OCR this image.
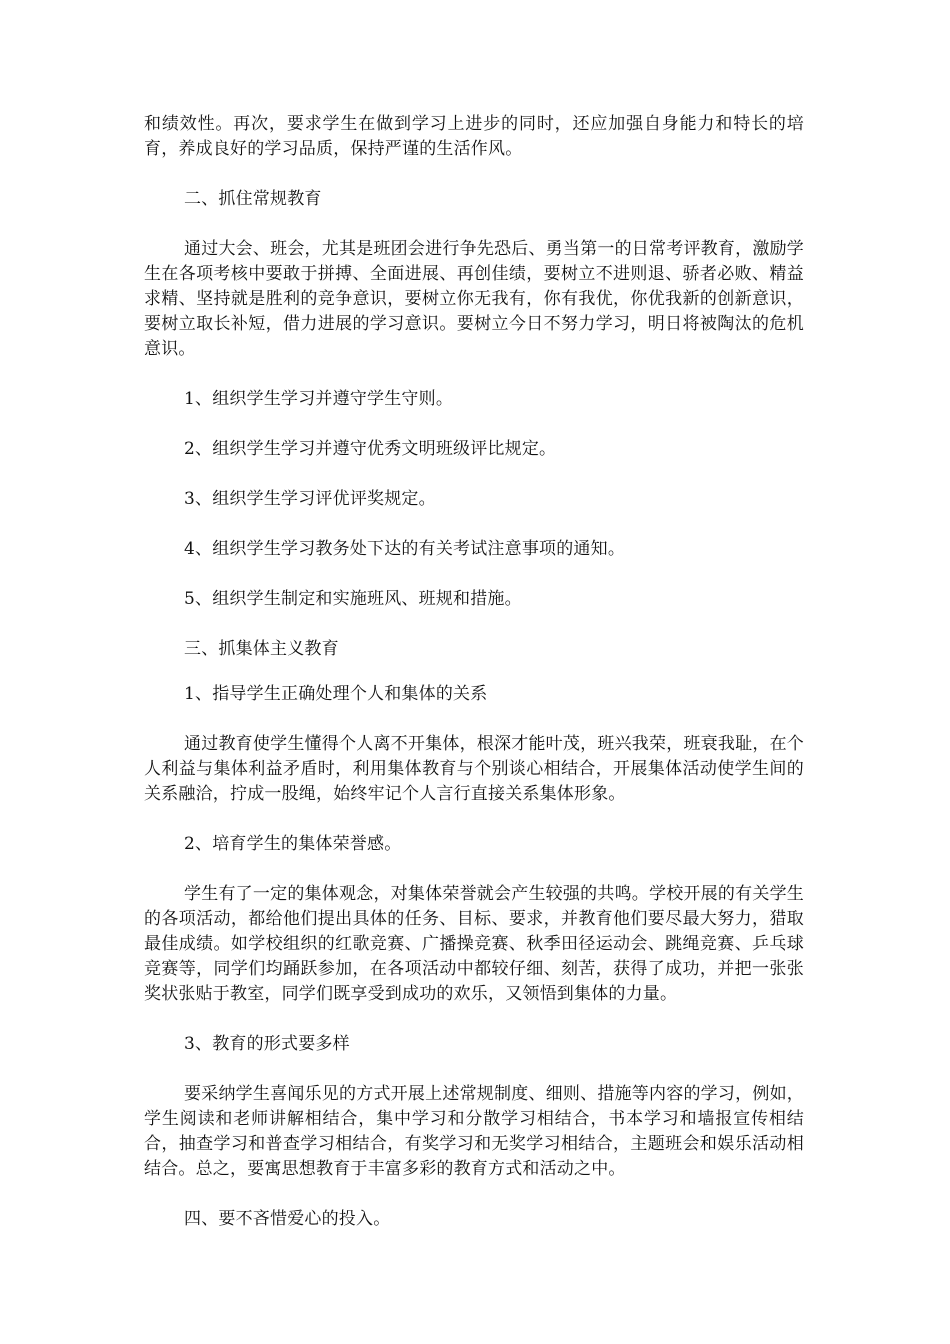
和绩效性。再次，要求学生在做到学习上进步的同时，还应加强自身能力和特长的培育，养成良好的学习品质，保持严谨的生活作风。

二、抓住常规教育

通过大会、班会，尤其是班团会进行争先恐后、勇当第一的日常考评教育，激励学生在各项考核中要敢于拼搏、全面进展、再创佳绩，要树立不进则退、骄者必败、精益求精、坚持就是胜利的竞争意识，要树立你无我有，你有我优，你优我新的创新意识，要树立取长补短，借力进展的学习意识。要树立今日不努力学习，明日将被陶汰的危机意识。

1、组织学生学习并遵守学生守则。

2、组织学生学习并遵守优秀文明班级评比规定。

3、组织学生学习评优评奖规定。

4、组织学生学习教务处下达的有关考试注意事项的通知。

5、组织学生制定和实施班风、班规和措施。

三、抓集体主义教育

1、指导学生正确处理个人和集体的关系

通过教育使学生懂得个人离不开集体，根深才能叶茂，班兴我荣，班衰我耻，在个人利益与集体利益矛盾时，利用集体教育与个别谈心相结合，开展集体活动使学生间的关系融洽，拧成一股绳，始终牢记个人言行直接关系集体形象。

2、培育学生的集体荣誉感。

学生有了一定的集体观念，对集体荣誉就会产生较强的共鸣。学校开展的有关学生的各项活动，都给他们提出具体的任务、目标、要求，并教育他们要尽最大努力，猎取最佳成绩。如学校组织的红歌竞赛、广播操竞赛、秋季田径运动会、跳绳竞赛、乒乓球竞赛等，同学们均踊跃参加，在各项活动中都较仔细、刻苦，获得了成功，并把一张张奖状张贴于教室，同学们既享受到成功的欢乐，又领悟到集体的力量。

3、教育的形式要多样

要采纳学生喜闻乐见的方式开展上述常规制度、细则、措施等内容的学习，例如，学生阅读和老师讲解相结合，集中学习和分散学习相结合，书本学习和墙报宣传相结合，抽查学习和普查学习相结合，有奖学习和无奖学习相结合，主题班会和娱乐活动相结合。总之，要寓思想教育于丰富多彩的教育方式和活动之中。

四、要不吝惜爱心的投入。
